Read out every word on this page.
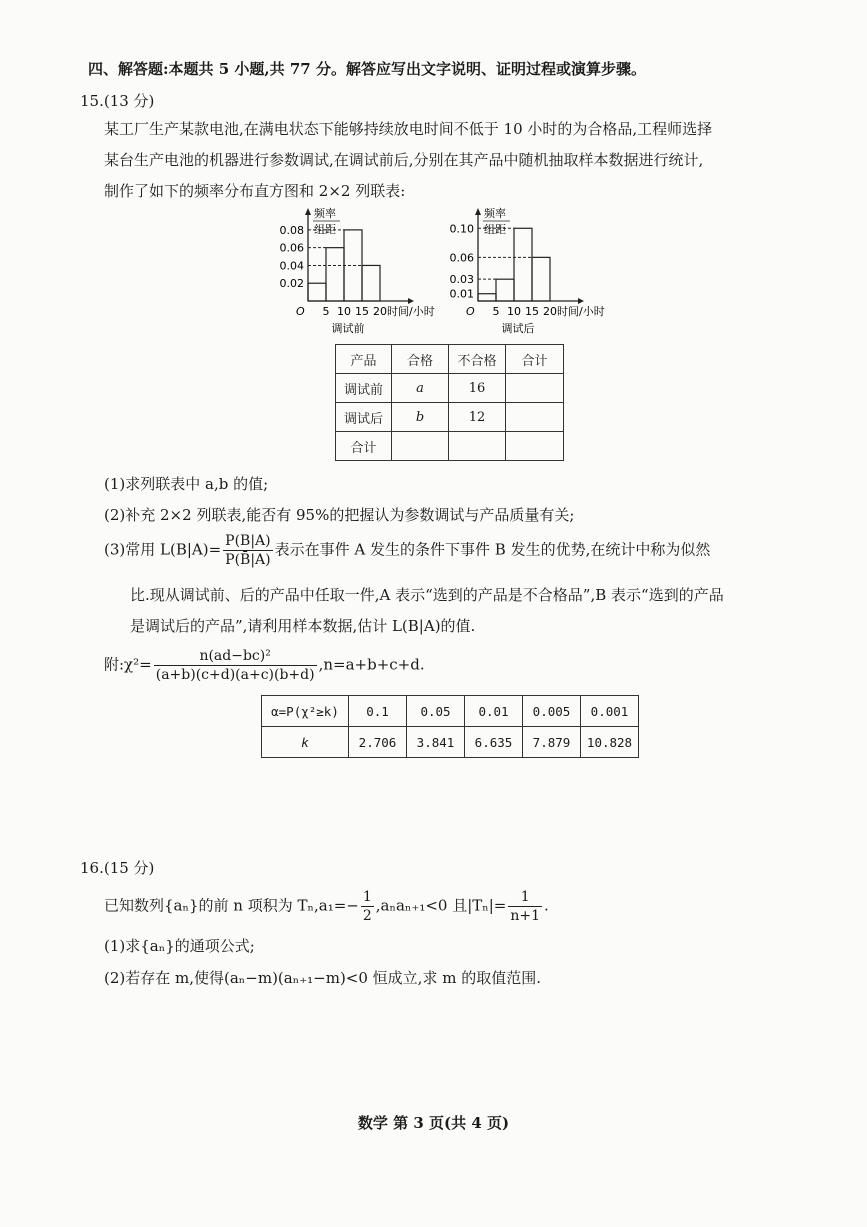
四、解答题:本题共 5 小题,共 77 分。解答应写出文字说明、证明过程或演算步骤。
15.(13 分)
某工厂生产某款电池,在满电状态下能够持续放电时间不低于 10 小时的为合格品,工程师选择
某台生产电池的机器进行参数调试,在调试前后,分别在其产品中随机抽取样本数据进行统计,
制作了如下的频率分布直方图和 2×2 列联表:
频率
组距
0.08
0.06
0.04
0.02
O 5 10 15 20 时间/小时
调试前
频率
组距
0.10
0.06
0.03
0.01
O 5 10 15 20 时间/小时
调试后
产品	合格	不合格	合计
调试前	a	16	
调试后	b	12	
合计			
(1)求列联表中 a,b 的值;
(2)补充 2×2 列联表,能否有 95%的把握认为参数调试与产品质量有关;
(3)常用 $L(B|A)= \frac{P(B|A)}{P(B̄|A)}$ 表示在事件 A 发生的条件下事件 B 发生的优势,在统计中称为似然
比.现从调试前、后的产品中任取一件,A 表示“选到的产品是不合格品”,B 表示“选到的产品
是调试后的产品”,请利用样本数据,估计 L(B|A)的值.
附:χ²= $\frac{\text{n(ad−bc)²}}{(a+b)(c+d)(a+c)(b+d)} ,n=a+b+c+d$.
α=P(χ²≥k)	0.1	0.05	0.01	0.005	0.001
k	2.706	3.841	6.635	7.879	10.828
16.(15 分)
已知数列{aₙ}的前 n 项积为 $T_n,a_1=- \frac{1}{2} ,a_na_{n+1}<0$ 且$|T_n|= \frac{1}{n+1}$ .
(1)求{aₙ}的通项公式;
(2)若存在 m,使得(aₙ−m)(aₙ₊₁−m)<0 恒成立,求 m 的取值范围.
数学 第 3 页(共 4 页)
